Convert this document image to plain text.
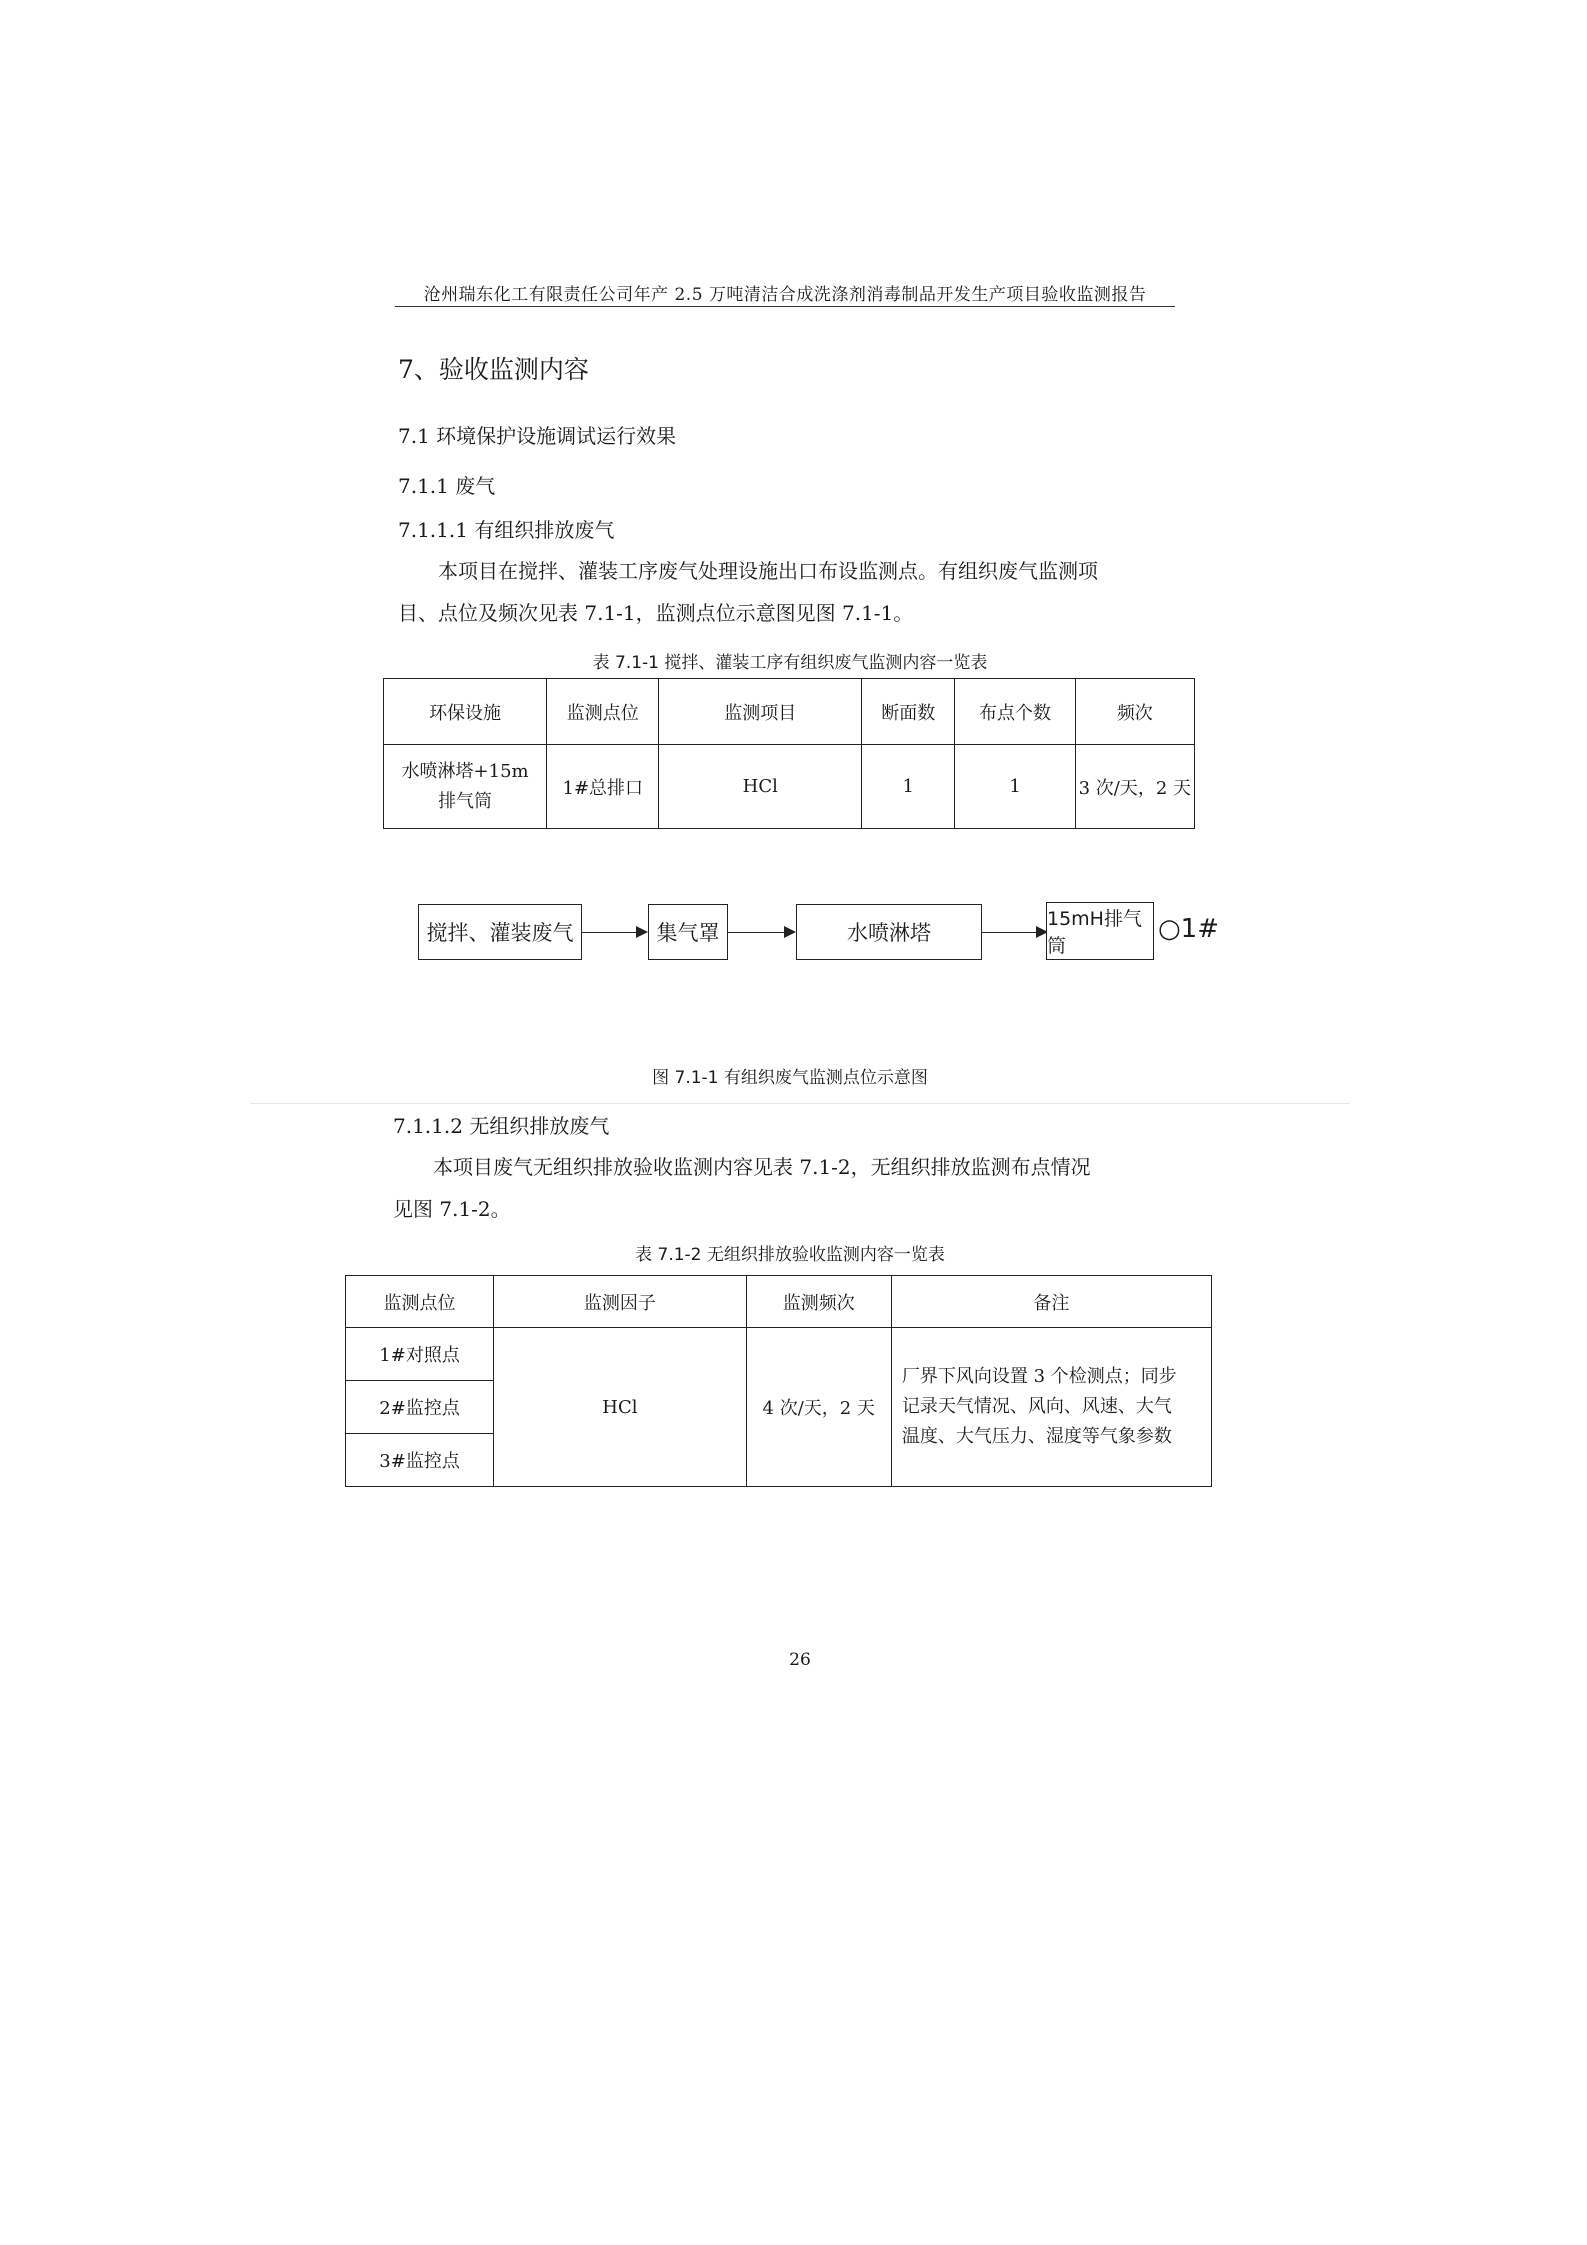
沧州瑞东化工有限责任公司年产 2.5 万吨清洁合成洗涤剂消毒制品开发生产项目验收监测报告
7、验收监测内容
7.1 环境保护设施调试运行效果
7.1.1 废气
7.1.1.1 有组织排放废气
本项目在搅拌、灌装工序废气处理设施出口布设监测点。有组织废气监测项
目、点位及频次见表 7.1-1，监测点位示意图见图 7.1-1。
表 7.1-1 搅拌、灌装工序有组织废气监测内容一览表
环保设施	监测点位	监测项目	断面数	布点个数	频次

水喷淋塔+15m
排气筒	1#总排口	HCl	1	1	3 次/天，2 天
搅拌、灌装废气	集气罩	水喷淋塔
15mH排气筒
○1#
图 7.1-1 有组织废气监测点位示意图
7.1.1.2 无组织排放废气
本项目废气无组织排放验收监测内容见表 7.1-2，无组织排放监测布点情况
见图 7.1-2。
表 7.1-2 无组织排放验收监测内容一览表
监测点位	监测因子	监测频次	备注
1#对照点	HCl	4 次/天，2 天	厂界下风向设置 3 个检测点；同步
记录天气情况、风向、风速、大气
温度、大气压力、湿度等气象参数

2#监控点			
3#监控点			
26
